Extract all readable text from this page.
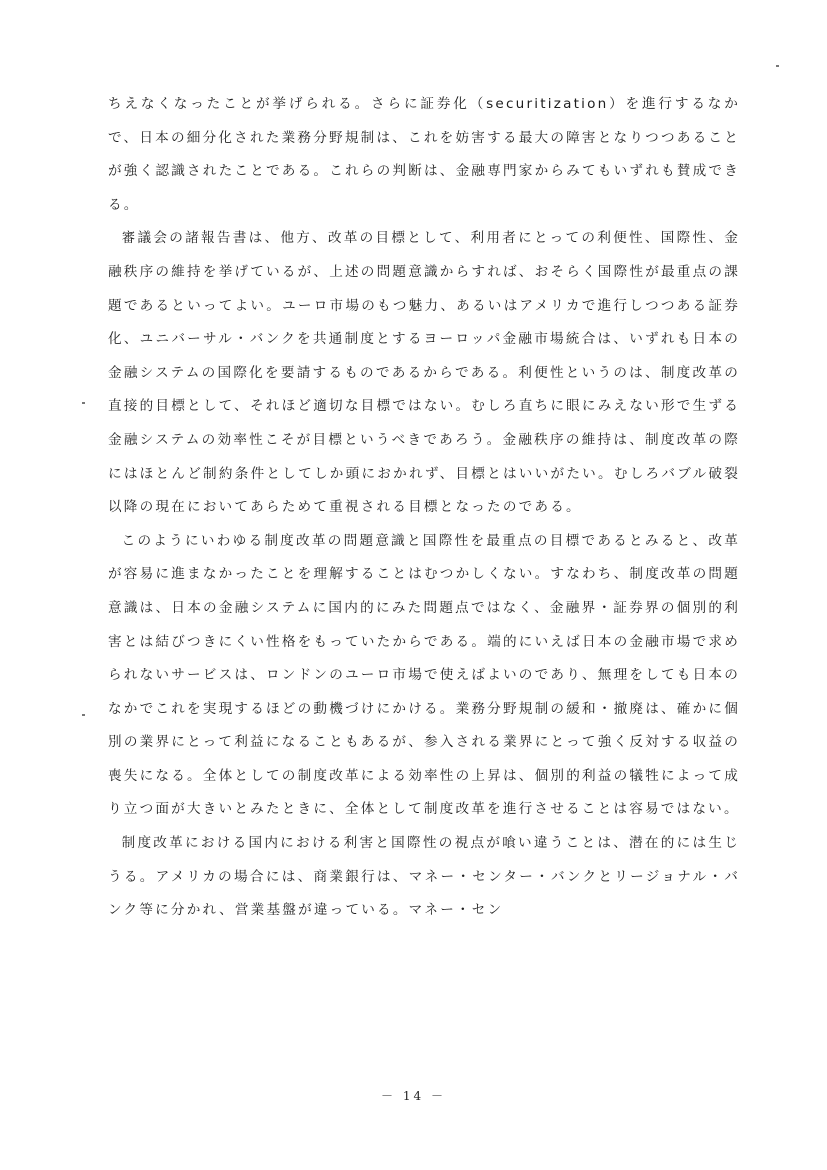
ちえなくなったことが挙げられる。さらに証券化（securitization）を進行するなかで、日本の細分化された業務分野規制は、これを妨害する最大の障害となりつつあることが強く認識されたことである。これらの判断は、金融専門家からみてもいずれも賛成できる。

審議会の諸報告書は、他方、改革の目標として、利用者にとっての利便性、国際性、金融秩序の維持を挙げているが、上述の問題意識からすれば、おそらく国際性が最重点の課題であるといってよい。ユーロ市場のもつ魅力、あるいはアメリカで進行しつつある証券化、ユニバーサル・バンクを共通制度とするヨーロッパ金融市場統合は、いずれも日本の金融システムの国際化を要請するものであるからである。利便性というのは、制度改革の直接的目標として、それほど適切な目標ではない。むしろ直ちに眼にみえない形で生ずる金融システムの効率性こそが目標というべきであろう。金融秩序の維持は、制度改革の際にはほとんど制約条件としてしか頭におかれず、目標とはいいがたい。むしろバブル破裂以降の現在においてあらためて重視される目標となったのである。

このようにいわゆる制度改革の問題意識と国際性を最重点の目標であるとみると、改革が容易に進まなかったことを理解することはむつかしくない。すなわち、制度改革の問題意識は、日本の金融システムに国内的にみた問題点ではなく、金融界・証券界の個別的利害とは結びつきにくい性格をもっていたからである。端的にいえば日本の金融市場で求められないサービスは、ロンドンのユーロ市場で使えばよいのであり、無理をしても日本のなかでこれを実現するほどの動機づけにかける。業務分野規制の緩和・撤廃は、確かに個別の業界にとって利益になることもあるが、参入される業界にとって強く反対する収益の喪失になる。全体としての制度改革による効率性の上昇は、個別的利益の犠牲によって成り立つ面が大きいとみたときに、全体として制度改革を進行させることは容易ではない。

制度改革における国内における利害と国際性の視点が喰い違うことは、潜在的には生じうる。アメリカの場合には、商業銀行は、マネー・センター・バンクとリージョナル・バンク等に分かれ、営業基盤が違っている。マネー・セン

－ 14 －
